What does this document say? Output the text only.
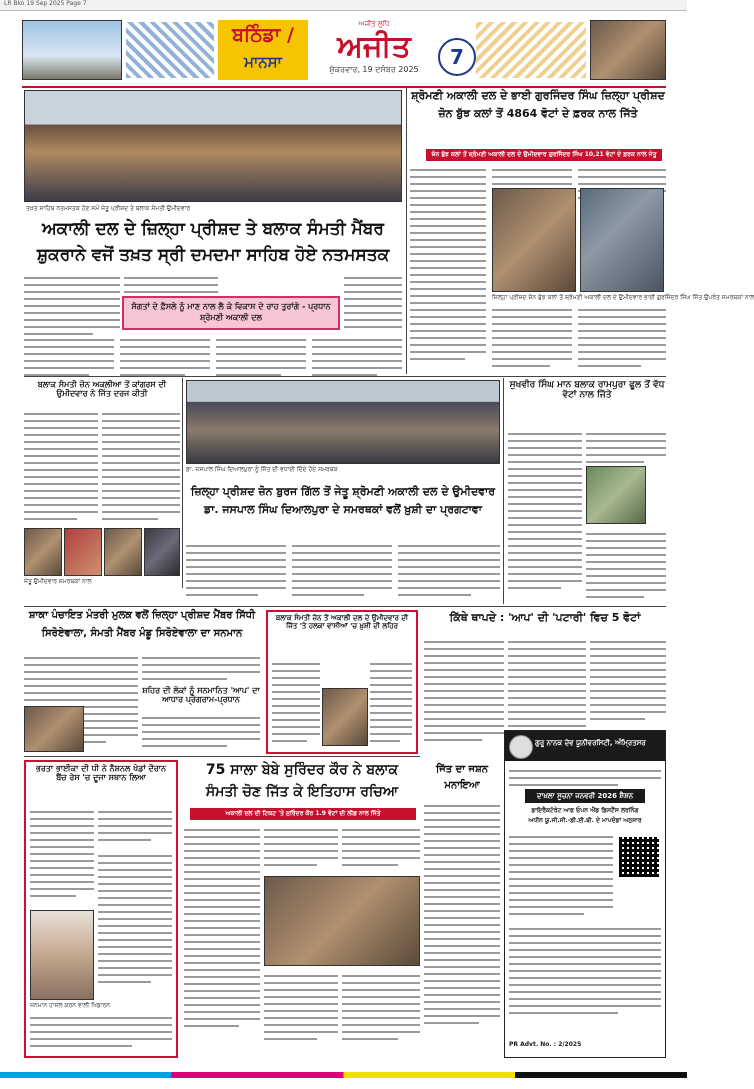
LR Bko 19 Sep 2025 Page 7
ਬਠਿੰਡਾ /
ਮਾਨਸਾ
ਅਜੀਤ ਲੁਧਿ
ਅਜੀਤ
ਸ਼ੁੱਕਰਵਾਰ, 19 ਦਸੰਬਰ 2025
7
ਤਖ਼ਤ ਸਾਹਿਬ ਨਤਮਸਤਕ ਹੋਣ ਸਮੇਂ ਜੇਤੂ ਪ੍ਰੀਸ਼ਦ ਤੇ ਬਲਾਕ ਸੰਮਤੀ ਉਮੀਦਵਾਰ
ਸ਼੍ਰੋਮਣੀ ਅਕਾਲੀ ਦਲ ਦੇ ਭਾਈ ਗੁਰਜਿੰਦਰ ਸਿੰਘ ਜ਼ਿਲ੍ਹਾ ਪ੍ਰੀਸ਼ਦ
ਜ਼ੋਨ ਬੁੱਝ ਕਲਾਂ ਤੋਂ 4864 ਵੋਟਾਂ ਦੇ ਫ਼ਰਕ ਨਾਲ ਜਿੱਤੇ
ਜ਼ੋਨ ਬੁੱਝ ਕਲਾਂ ਤੋਂ ਸ਼੍ਰੋਮਣੀ ਅਕਾਲੀ ਦਲ ਦੇ ਉਮੀਦਵਾਰ ਗੁਰਜਿੰਦਰ ਸਿੰਘ 10,21 ਵੋਟਾਂ ਦੇ ਫ਼ਰਕ ਨਾਲ ਜੇਤੂ
ਜ਼ਿਲ੍ਹਾ ਪ੍ਰੀਸ਼ਦ ਜ਼ੋਨ ਬੁੱਝ ਕਲਾਂ ਤੋਂ ਸ਼੍ਰੋਮਣੀ ਅਕਾਲੀ ਦਲ ਦੇ ਉਮੀਦਵਾਰ ਭਾਈ ਗੁਰਜਿੰਦਰ ਸਿੰਘ ਜਿੱਤ ਉਪਰੰਤ ਸਮਰਥਕਾਂ ਨਾਲ
ਅਕਾਲੀ ਦਲ ਦੇ ਜ਼ਿਲ੍ਹਾ ਪ੍ਰੀਸ਼ਦ ਤੇ ਬਲਾਕ ਸੰਮਤੀ ਮੈਂਬਰ
ਸ਼ੁਕਰਾਨੇ ਵਜੋਂ ਤਖ਼ਤ ਸ੍ਰੀ ਦਮਦਮਾ ਸਾਹਿਬ ਹੋਏ ਨਤਮਸਤਕ
ਸੰਗਤਾਂ ਦੇ ਫ਼ੈਸਲੇ ਨੂੰ ਮਾਣ ਨਾਲ ਲੈ ਕੇ ਵਿਕਾਸ ਦੇ ਰਾਹ ਤੁਰਾਂਗੇ - ਪ੍ਰਧਾਨ ਸ਼੍ਰੋਮਣੀ ਅਕਾਲੀ ਦਲ
ਬਲਾਕ ਸੰਮਤੀ ਜ਼ੋਨ ਅਕਲੀਆ ਤੋਂ ਕਾਂਗਰਸ ਦੀ ਉਮੀਦਵਾਰ ਨੇ ਜਿੱਤ ਦਰਜ ਕੀਤੀ
ਜੇਤੂ ਉਮੀਦਵਾਰ ਸਮਰਥਕਾਂ ਨਾਲ
ਡਾ. ਜਸਪਾਲ ਸਿੰਘ ਦਿਆਲਪੁਰਾ ਨੂੰ ਜਿੱਤ ਦੀ ਵਧਾਈ ਦਿੰਦੇ ਹੋਏ ਸਮਰਥਕ
ਜ਼ਿਲ੍ਹਾ ਪ੍ਰੀਸ਼ਦ ਜ਼ੋਨ ਬੁਰਜ ਗਿੱਲ ਤੋਂ ਜੇਤੂ ਸ਼੍ਰੋਮਣੀ ਅਕਾਲੀ ਦਲ ਦੇ ਉਮੀਦਵਾਰ
ਡਾ. ਜਸਪਾਲ ਸਿੰਘ ਦਿਆਲਪੁਰਾ ਦੇ ਸਮਰਥਕਾਂ ਵਲੋਂ ਖ਼ੁਸ਼ੀ ਦਾ ਪ੍ਰਗਟਾਵਾ
ਸੁਖਵੀਰ ਸਿੰਘ ਮਾਨ ਬਲਾਕ ਰਾਮਪੁਰਾ ਫੂਲ ਤੋਂ ਵੱਧ ਵੋਟਾਂ ਨਾਲ ਜਿੱਤੇ
ਸ਼ਾਕਾ ਪੰਚਾਇਤ ਮੰਤਰੀ ਮੁਲਕ ਵਲੋਂ ਜ਼ਿਲ੍ਹਾ ਪ੍ਰੀਸ਼ਦ ਮੈਂਬਰ ਸਿੱਧੀ
ਸਿਰੋਏਵਾਲਾ, ਸੰਮਤੀ ਮੈਂਬਰ ਮੰਡੂ ਸਿਰੋਏਵਾਲਾ ਦਾ ਸਨਮਾਨ
ਸ਼ਹਿਰ ਦੀ ਲੋਕਾਂ ਨੂੰ ਸਨਮਾਨਿਤ 'ਆਪ' ਦਾ ਆਧਾਰ ਪ੍ਰੋਗਰਾਮ-ਪ੍ਰਧਾਨ
ਬਲਾਕ ਸੰਮਤੀ ਜ਼ੋਨ ਤੋਂ ਅਕਾਲੀ ਦਲ ਦੇ ਉਮੀਦਵਾਰ ਦੀ ਜਿੱਤ 'ਤੇ ਹਲਕਾ ਵਾਸੀਆਂ 'ਚ ਖ਼ੁਸ਼ੀ ਦੀ ਲਹਿਰ
ਕਿੱਥੇ ਥਾਪਦੇ : 'ਆਪ' ਦੀ 'ਪਟਾਰੀ' ਵਿਚ 5 ਵੋਟਾਂ
ਭਰਤਾ ਭਾਈਕਾ ਦੀ ਧੀ ਨੇ ਨੈਸ਼ਨਲ ਖੇਡਾਂ ਦੌਰਾਨ ਬੈਂਚ ਰੇਸ 'ਚ ਦੂਜਾ ਸਥਾਨ ਲਿਆ
ਸਨਮਾਨ ਹਾਸਲ ਕਰਨ ਵਾਲੀ ਖਿਡਾਰਨ
75 ਸਾਲਾ ਬੇਬੇ ਸੁਰਿੰਦਰ ਕੌਰ ਨੇ ਬਲਾਕ
ਸੰਮਤੀ ਚੋਣ ਜਿੱਤ ਕੇ ਇਤਿਹਾਸ ਰਚਿਆ
ਅਕਾਲੀ ਦਲ ਦੀ ਟਿਕਟ 'ਤੇ ਸੁਰਿੰਦਰ ਕੌਰ 1.9 ਵੋਟਾਂ ਦੀ ਲੀਡ ਨਾਲ ਜਿੱਤੇ
ਜਿੱਤ ਦਾ ਜਸ਼ਨ
ਮਨਾਇਆ
ਗੁਰੂ ਨਾਨਕ ਦੇਵ ਯੂਨੀਵਰਸਿਟੀ, ਅੰਮ੍ਰਿਤਸਰ
ਦਾਖ਼ਲਾ ਸੂਚਨਾ ਜਨਵਰੀ 2026 ਸ਼ੈਸ਼ਨ
ਡਾਇਰੈਕਟੋਰੇਟ ਆਫ ਓਪਨ ਐਂਡ ਡਿਸਟੈਂਸ ਲਰਨਿੰਗ
ਅਧੀਨ ਯੂ.ਜੀ.ਸੀ.-ਡੀ.ਈ.ਬੀ. ਦੇ ਮਾਪਦੰਡਾਂ ਅਨੁਸਾਰ
PR Advt. No. : 2/2025
